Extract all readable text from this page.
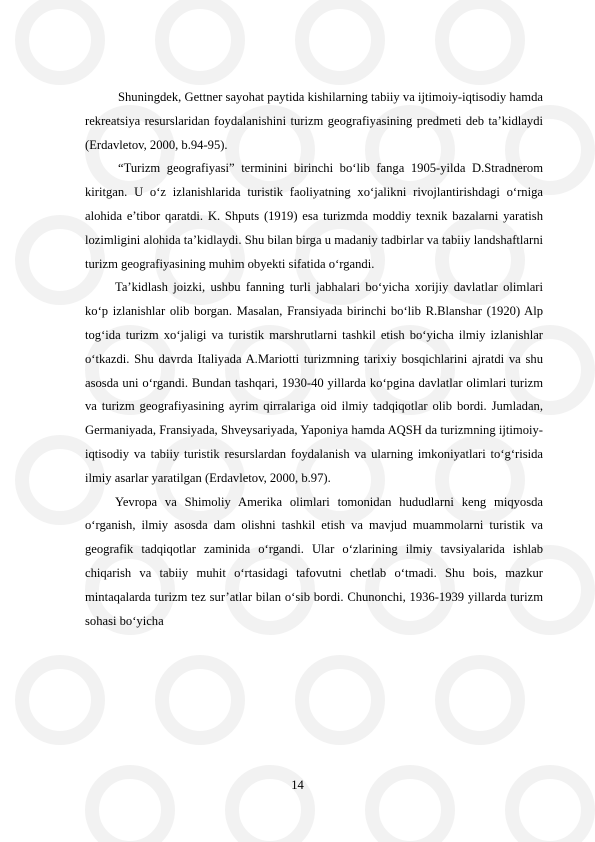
Shuningdek, Gettner sayohat paytida kishilarning tabiiy va ijtimoiy-iqtisodiy hamda rekreatsiya resurslaridan foydalanishini turizm geografiyasining predmeti deb ta’kidlaydi (Erdavletov, 2000, b.94-95).

“Turizm geografiyasi” terminini birinchi bo‘lib fanga 1905-yilda D.Stradnerom kiritgan. U o‘z izlanishlarida turistik faoliyatning xo‘jalikni rivojlantirishdagi o‘rniga alohida e’tibor qaratdi. K. Shputs (1919) esa turizmda moddiy texnik bazalarni yaratish lozimligini alohida ta’kidlaydi. Shu bilan birga u madaniy tadbirlar va tabiiy landshaftlarni turizm geografiyasining muhim obyekti sifatida o‘rgandi.

Ta’kidlash joizki, ushbu fanning turli jabhalari bo‘yicha xorijiy davlatlar olimlari ko‘p izlanishlar olib borgan. Masalan, Fransiyada birinchi bo‘lib R.Blanshar (1920) Alp tog‘ida turizm xo‘jaligi va turistik marshrutlarni tashkil etish bo‘yicha ilmiy izlanishlar o‘tkazdi. Shu davrda Italiyada A.Mariotti turizmning tarixiy bosqichlarini ajratdi va shu asosda uni o‘rgandi. Bundan tashqari, 1930-40 yillarda ko‘pgina davlatlar olimlari turizm va turizm geografiyasining ayrim qirralariga oid ilmiy tadqiqotlar olib bordi. Jumladan, Germaniyada, Fransiyada, Shveysariyada, Yaponiya hamda AQSH da turizmning ijtimoiy-iqtisodiy va tabiiy turistik resurslardan foydalanish va ularning imkoniyatlari to‘g‘risida ilmiy asarlar yaratilgan (Erdavletov, 2000, b.97).

Yevropa va Shimoliy Amerika olimlari tomonidan hududlarni keng miqyosda o‘rganish, ilmiy asosda dam olishni tashkil etish va mavjud muammolarni turistik va geografik tadqiqotlar zaminida o‘rgandi. Ular o‘zlarining ilmiy tavsiyalarida ishlab chiqarish va tabiiy muhit o‘rtasidagi tafovutni chetlab o‘tmadi. Shu bois, mazkur mintaqalarda turizm tez sur’atlar bilan o‘sib bordi. Chunonchi, 1936-1939 yillarda turizm sohasi bo‘yicha

14
